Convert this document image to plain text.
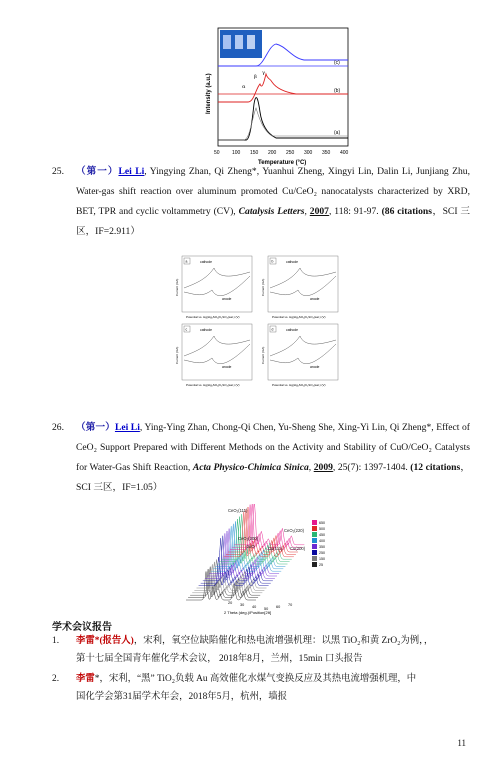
(c)
(b)
(a)
α
β
γ
Intensity (a.u.)
50 100 150 200 250 300 350 400
Temperature (°C)
25. （第一）Lei Li, Yingying Zhan, Qi Zheng*, Yuanhui Zheng, Xingyi Lin, Dalin Li, Junjiang Zhu, Water-gas shift reaction over aluminum promoted Cu/CeO₂ nanocatalysts characterized by XRD, BET, TPR and cyclic voltammetry (CV), Catalysis Letters, 2007, 118: 91-97. (86 citations，SCI 三区，IF=2.911）
a	cathode
anode
b	cathode
anode
c	cathode
anode
d	cathode
anode
Potential vs. Hg|Hg₂SO₄|K₂SO₄(sat.) (V)	Potential vs. Hg|Hg₂SO₄|K₂SO₄(sat.) (V)
Potential vs. Hg|Hg₂SO₄|K₂SO₄(sat.) (V)	Potential vs. Hg|Hg₂SO₄|K₂SO₄(sat.) (V)
Current (mA)	Current (mA)
Current (mA)	Current (mA)
26. （第一）Lei Li, Ying-Ying Zhan, Chong-Qi Chen, Yu-Sheng She, Xing-Yi Lin, Qi Zheng*, Effect of CeO₂ Support Prepared with Different Methods on the Activity and Stability of CuO/CeO₂ Catalysts for Water-Gas Shift Reaction, Acta Physico-Chimica Sinica, 2009, 25(7): 1397-1404. (12 citations，SCI 三区，IF=1.05）
CeO₂(111)
CeO₂(200)
CuO	Cu(111)
CeO₂(220)
Cu(200)
650
500
450
400
350
250
150
25
20 30 40 50 60 70
2 Theta (deg.)/Position[2θ]
学术会议报告
1. 李雷*(报告人)，宋利，氧空位缺陷催化和热电流增强机理：以黑 TiO₂和黄 ZrO₂为例，，
第十七届全国青年催化学术会议， 2018年8月，兰州，15min 口头报告
2. 李雷*，宋利，“黑” TiO₂负载 Au 高效催化水煤气变换反应及其热电流增强机理，中
国化学会第31届学术年会，2018年5月，杭州，墙报
11
